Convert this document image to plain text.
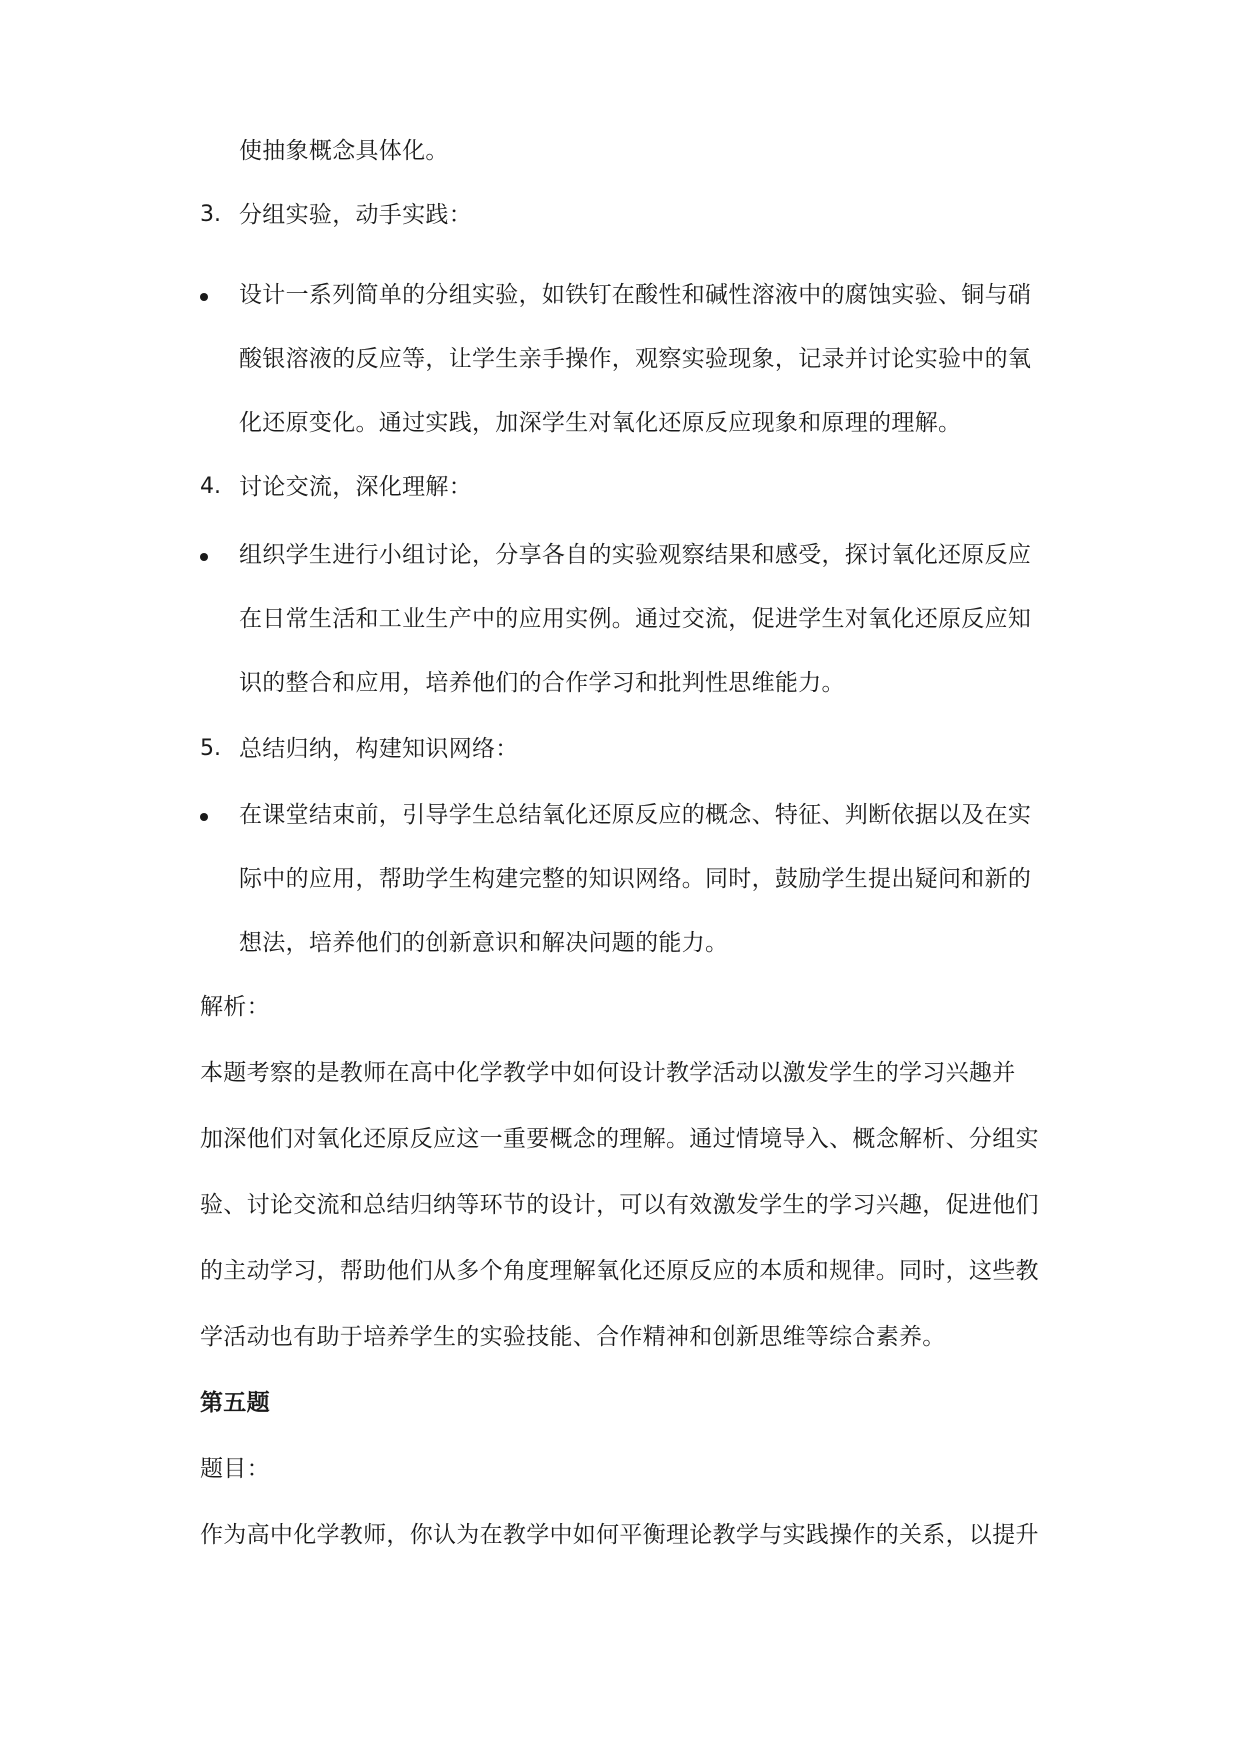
使抽象概念具体化。
3. 分组实验，动手实践：
设计一系列简单的分组实验，如铁钉在酸性和碱性溶液中的腐蚀实验、铜与硝
酸银溶液的反应等，让学生亲手操作，观察实验现象，记录并讨论实验中的氧
化还原变化。通过实践，加深学生对氧化还原反应现象和原理的理解。
4. 讨论交流，深化理解：
组织学生进行小组讨论，分享各自的实验观察结果和感受，探讨氧化还原反应
在日常生活和工业生产中的应用实例。通过交流，促进学生对氧化还原反应知
识的整合和应用，培养他们的合作学习和批判性思维能力。
5. 总结归纳，构建知识网络：
在课堂结束前，引导学生总结氧化还原反应的概念、特征、判断依据以及在实
际中的应用，帮助学生构建完整的知识网络。同时，鼓励学生提出疑问和新的
想法，培养他们的创新意识和解决问题的能力。
解析：
本题考察的是教师在高中化学教学中如何设计教学活动以激发学生的学习兴趣并
加深他们对氧化还原反应这一重要概念的理解。通过情境导入、概念解析、分组实
验、讨论交流和总结归纳等环节的设计，可以有效激发学生的学习兴趣，促进他们
的主动学习，帮助他们从多个角度理解氧化还原反应的本质和规律。同时，这些教
学活动也有助于培养学生的实验技能、合作精神和创新思维等综合素养。
第五题
题目：
作为高中化学教师，你认为在教学中如何平衡理论教学与实践操作的关系，以提升
